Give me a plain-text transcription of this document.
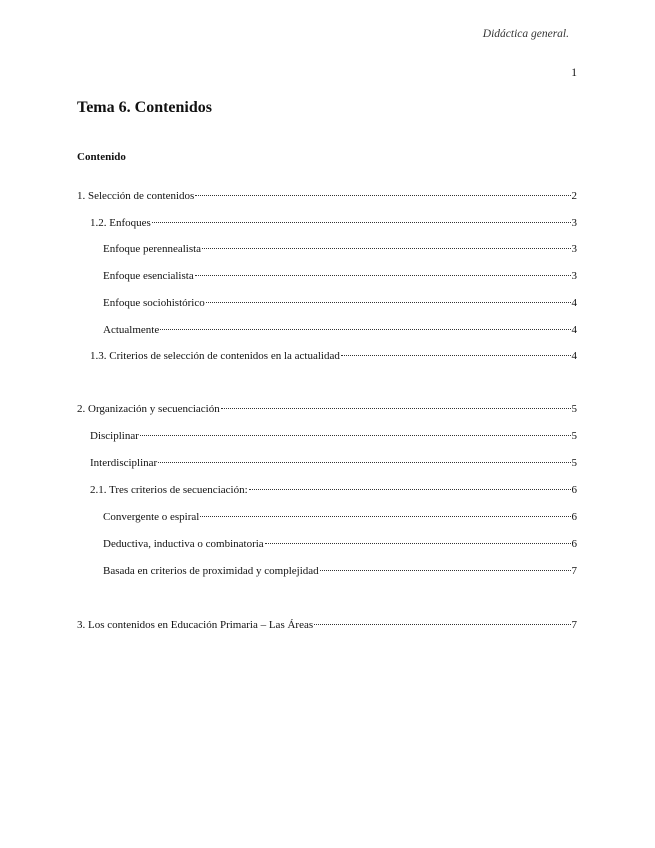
Didáctica general.
1
Tema 6. Contenidos
Contenido
1. Selección de contenidos	2
1.2. Enfoques	3
Enfoque perennealista	3
Enfoque esencialista	3
Enfoque sociohistórico	4
Actualmente	4
1.3. Criterios de selección de contenidos en la actualidad	4
2. Organización y secuenciación	5
Disciplinar	5
Interdisciplinar	5
2.1. Tres criterios de secuenciación:	6
Convergente o espiral	6
Deductiva, inductiva o combinatoria	6
Basada en criterios de proximidad y complejidad	7
3. Los contenidos en Educación Primaria – Las Áreas	7
